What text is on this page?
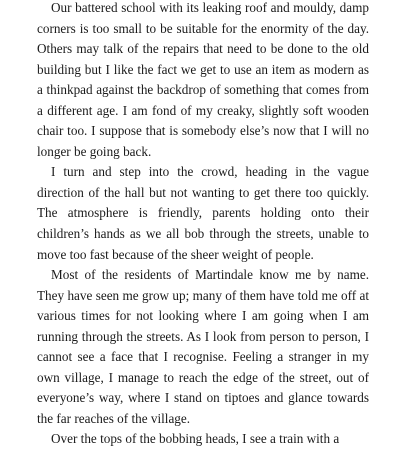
Our battered school with its leaking roof and mouldy, damp corners is too small to be suitable for the enormity of the day. Others may talk of the repairs that need to be done to the old building but I like the fact we get to use an item as modern as a thinkpad against the backdrop of something that comes from a different age. I am fond of my creaky, slightly soft wooden chair too. I suppose that is somebody else’s now that I will no longer be going back.

I turn and step into the crowd, heading in the vague direction of the hall but not wanting to get there too quickly. The atmosphere is friendly, parents holding onto their children’s hands as we all bob through the streets, unable to move too fast because of the sheer weight of people.

Most of the residents of Martindale know me by name. They have seen me grow up; many of them have told me off at various times for not looking where I am going when I am running through the streets. As I look from person to person, I cannot see a face that I recognise. Feeling a stranger in my own village, I manage to reach the edge of the street, out of everyone’s way, where I stand on tiptoes and glance towards the far reaches of the village.

Over the tops of the bobbing heads, I see a train with a
